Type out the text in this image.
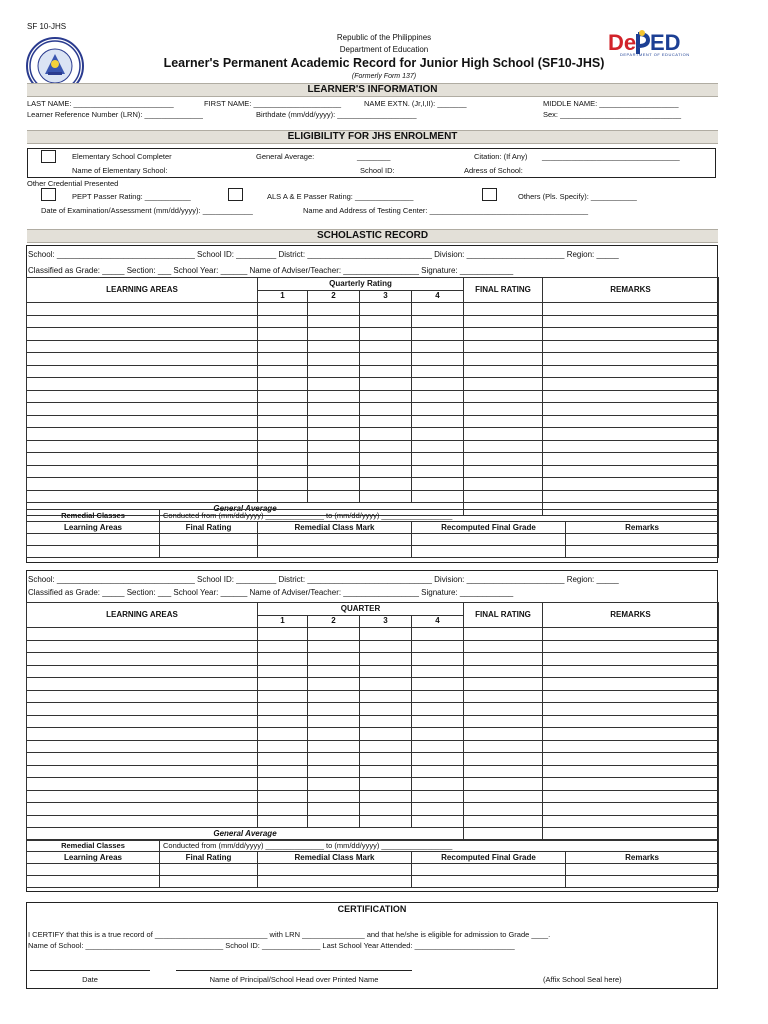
SF 10-JHS
Republic of the Philippines
Department of Education
Learner's Permanent Academic Record for Junior High School (SF10-JHS)
(Formerly Form 137)
De ED
DEPARTMENT OF EDUCATION
LEARNER'S INFORMATION
LAST NAME: ________________________	FIRST NAME: _____________________	NAME EXTN. (Jr,I,II): _______	MIDDLE NAME: ___________________
Learner Reference Number (LRN): ______________	Birthdate (mm/dd/yyyy): ___________________	Sex: _____________________________
ELIGIBILITY FOR JHS ENROLMENT
Elementary School Completer	General Average:	________	Citation: (If Any) _________________________________
Name of Elementary School:	School ID:	Adress of School:
Other Credential Presented
PEPT Passer Rating: ___________	ALS A & E Passer Rating: ______________	Others (Pls. Specify): ___________
Date of Examination/Assessment (mm/dd/yyyy): ____________	Name and Address of Testing Center: ______________________________________
SCHOLASTIC RECORD
School: _______________________________ School ID: _________ District: ____________________________ Division: ______________________ Region: _____
Classified as Grade: _____ Section: ___ School Year: ______ Name of Adviser/Teacher: _________________ Signature: ____________
LEARNING AREAS	Quarterly Rating				FINAL RATING	REMARKS
	1	2	3	4		

General Average						
Remedial Classes	Conducted from (mm/dd/yyyy) ______________ to (mm/dd/yyyy) _________________			
Learning Areas	Final Rating	Remedial Class Mark	Recomputed Final Grade	Remarks

School: _______________________________ School ID: _________ District: ____________________________ Division: ______________________ Region: _____
Classified as Grade: _____ Section: ___ School Year: ______ Name of Adviser/Teacher: _________________ Signature: ____________
LEARNING AREAS	QUARTER				FINAL RATING	REMARKS
	1	2	3	4		

General Average						
Remedial Classes	Conducted from (mm/dd/yyyy) ______________ to (mm/dd/yyyy) _________________			
Learning Areas	Final Rating	Remedial Class Mark	Recomputed Final Grade	Remarks

CERTIFICATION
I CERTIFY that this is a true record of ___________________________ with LRN _______________ and that he/she is eligible for admission to Grade ____.
Name of School: _________________________________ School ID: ______________ Last School Year Attended: ________________________
Date	Name of Principal/School Head over Printed Name	(Affix School Seal here)
